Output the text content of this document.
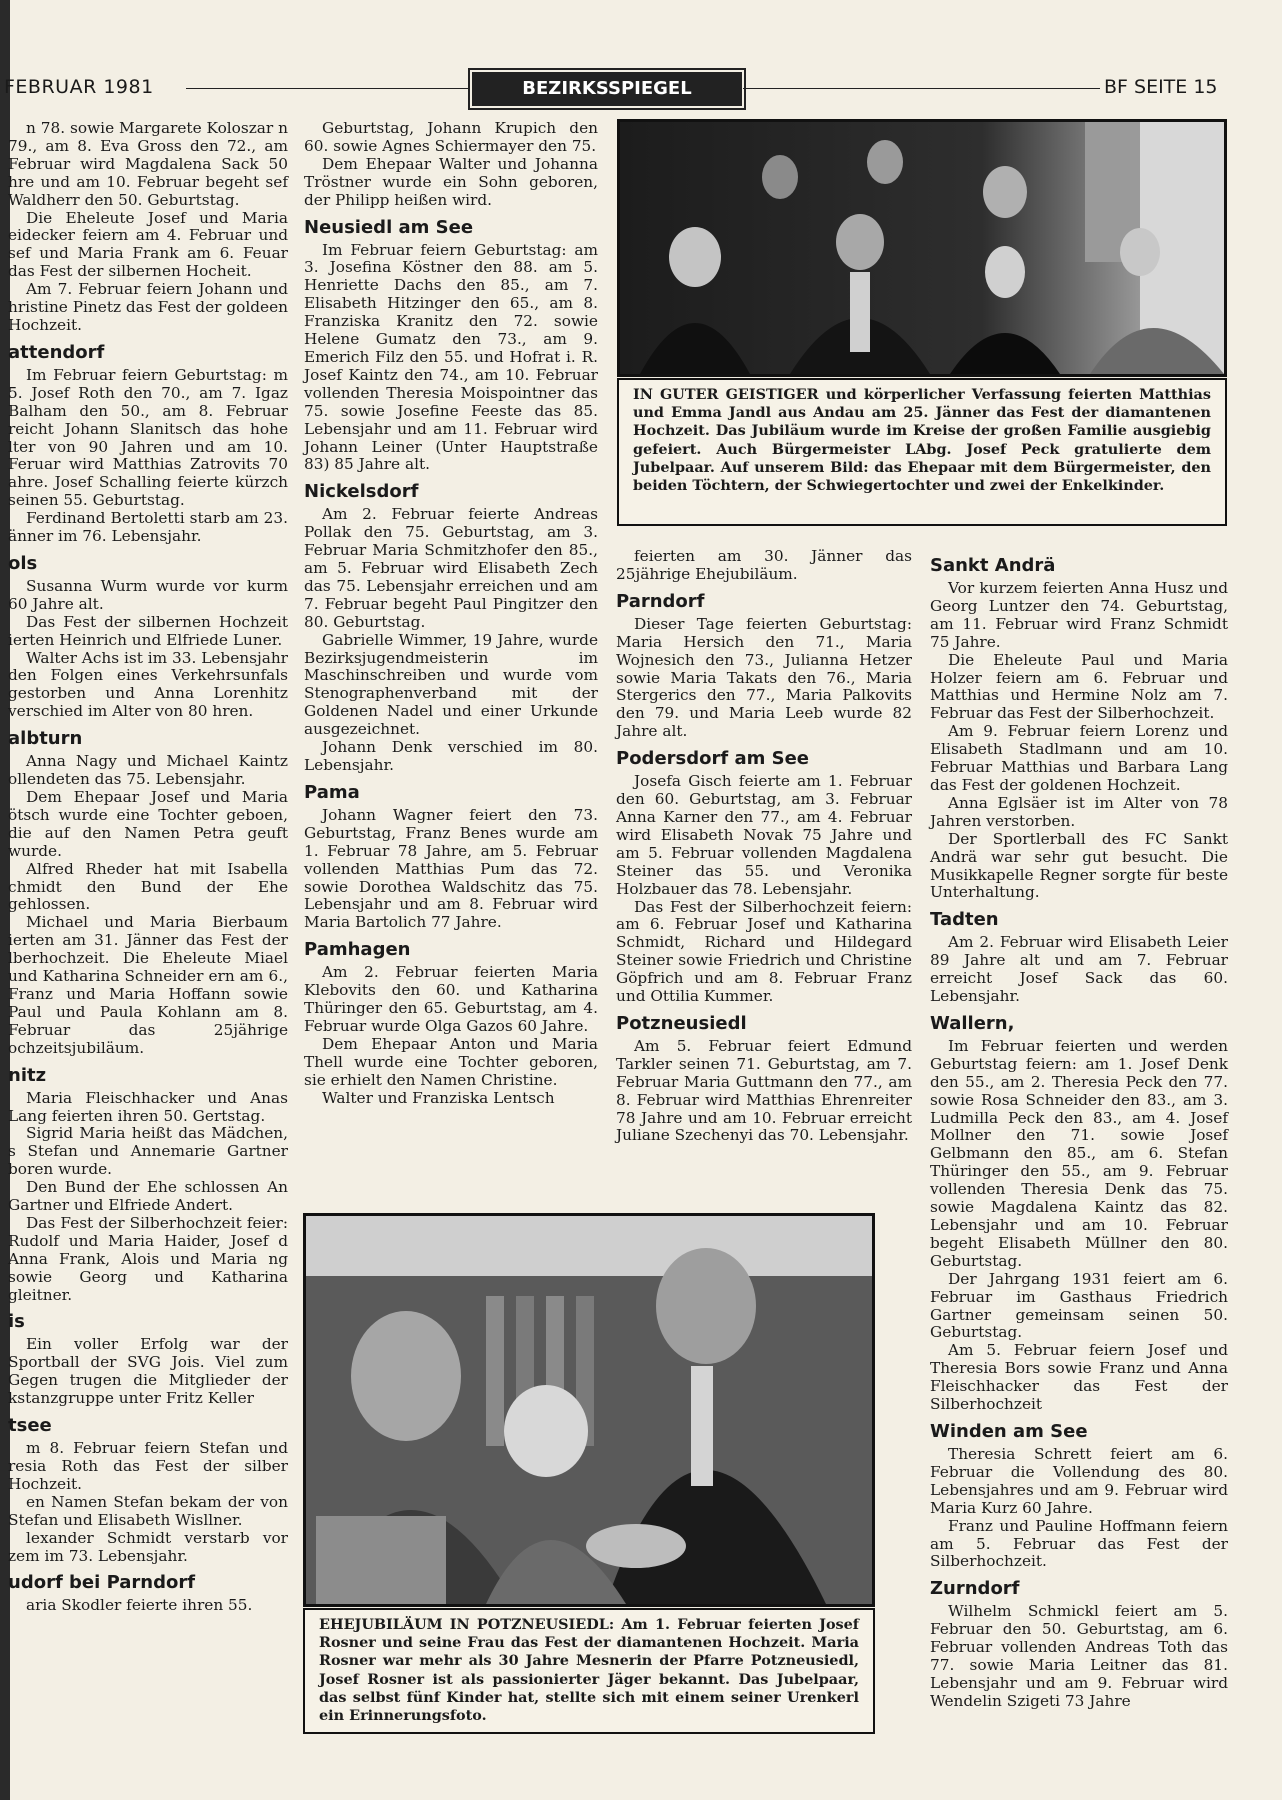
FEBRUAR 1981	BEZIRKSSPIEGEL	BF SEITE 15

n 78. sowie Margarete Koloszar n 79., am 8. Eva Gross den 72., am Februar wird Magdalena Sack 50 hre und am 10. Februar begeht sef Waldherr den 50. Geburtstag.

Die Eheleute Josef und Maria eidecker feiern am 4. Februar und sef und Maria Frank am 6. Feuar das Fest der silbernen Hocheit.

Am 7. Februar feiern Johann und hristine Pinetz das Fest der goldeen Hochzeit.

attendorf

Im Februar feiern Geburtstag: m 5. Josef Roth den 70., am 7. Igaz Balham den 50., am 8. Februar reicht Johann Slanitsch das hohe lter von 90 Jahren und am 10. Feruar wird Matthias Zatrovits 70 ahre. Josef Schalling feierte kürzch seinen 55. Geburtstag.

Ferdinand Bertoletti starb am 23. änner im 76. Lebensjahr.

ols

Susanna Wurm wurde vor kurm 60 Jahre alt.

Das Fest der silbernen Hochzeit ierten Heinrich und Elfriede Luner.

Walter Achs ist im 33. Lebensjahr den Folgen eines Verkehrsunfals gestorben und Anna Lorenhitz verschied im Alter von 80 hren.

albturn

Anna Nagy und Michael Kaintz ollendeten das 75. Lebensjahr.

Dem Ehepaar Josef und Maria ötsch wurde eine Tochter geboen, die auf den Namen Petra geuft wurde.

Alfred Rheder hat mit Isabella chmidt den Bund der Ehe gehlossen.

Michael und Maria Bierbaum ierten am 31. Jänner das Fest der lberhochzeit. Die Eheleute Miael und Katharina Schneider ern am 6., Franz und Maria Hoffann sowie Paul und Paula Kohlann am 8. Februar das 25jährige ochzeitsjubiläum.

nitz

Maria Fleischhacker und Anas Lang feierten ihren 50. Gertstag.

Sigrid Maria heißt das Mädchen, s Stefan und Annemarie Gartner boren wurde.

Den Bund der Ehe schlossen An Gartner und Elfriede Andert.

Das Fest der Silberhochzeit feier: Rudolf und Maria Haider, Josef d Anna Frank, Alois und Maria ng sowie Georg und Katharina gleitner.

is

Ein voller Erfolg war der Sportball der SVG Jois. Viel zum Gegen trugen die Mitglieder der kstanzgruppe unter Fritz Keller

tsee

m 8. Februar feiern Stefan und resia Roth das Fest der silber Hochzeit.

en Namen Stefan bekam der von Stefan und Elisabeth Wisllner.

lexander Schmidt verstarb vor zem im 73. Lebensjahr.

udorf bei Parndorf

aria Skodler feierte ihren 55.

Geburtstag, Johann Krupich den 60. sowie Agnes Schiermayer den 75.

Dem Ehepaar Walter und Johanna Tröstner wurde ein Sohn geboren, der Philipp heißen wird.

Neusiedl am See

Im Februar feiern Geburtstag: am 3. Josefina Köstner den 88. am 5. Henriette Dachs den 85., am 7. Elisabeth Hitzinger den 65., am 8. Franziska Kranitz den 72. sowie Helene Gumatz den 73., am 9. Emerich Filz den 55. und Hofrat i. R. Josef Kaintz den 74., am 10. Februar vollenden Theresia Moispointner das 75. sowie Josefine Feeste das 85. Lebensjahr und am 11. Februar wird Johann Leiner (Unter Hauptstraße 83) 85 Jahre alt.

Nickelsdorf

Am 2. Februar feierte Andreas Pollak den 75. Geburtstag, am 3. Februar Maria Schmitzhofer den 85., am 5. Februar wird Elisabeth Zech das 75. Lebensjahr erreichen und am 7. Februar begeht Paul Pingitzer den 80. Geburtstag.

Gabrielle Wimmer, 19 Jahre, wurde Bezirksjugendmeisterin im Maschinschreiben und wurde vom Stenographenverband mit der Goldenen Nadel und einer Urkunde ausgezeichnet.

Johann Denk verschied im 80. Lebensjahr.

Pama

Johann Wagner feiert den 73. Geburtstag, Franz Benes wurde am 1. Februar 78 Jahre, am 5. Februar vollenden Matthias Pum das 72. sowie Dorothea Waldschitz das 75. Lebensjahr und am 8. Februar wird Maria Bartolich 77 Jahre.

Pamhagen

Am 2. Februar feierten Maria Klebovits den 60. und Katharina Thüringer den 65. Geburtstag, am 4. Februar wurde Olga Gazos 60 Jahre.

Dem Ehepaar Anton und Maria Thell wurde eine Tochter geboren, sie erhielt den Namen Christine.

Walter und Franziska Lentsch

feierten am 30. Jänner das 25jährige Ehejubiläum.

Parndorf

Dieser Tage feierten Geburtstag: Maria Hersich den 71., Maria Wojnesich den 73., Julianna Hetzer sowie Maria Takats den 76., Maria Stergerics den 77., Maria Palkovits den 79. und Maria Leeb wurde 82 Jahre alt.

Podersdorf am See

Josefa Gisch feierte am 1. Februar den 60. Geburtstag, am 3. Februar Anna Karner den 77., am 4. Februar wird Elisabeth Novak 75 Jahre und am 5. Februar vollenden Magdalena Steiner das 55. und Veronika Holzbauer das 78. Lebensjahr.

Das Fest der Silberhochzeit feiern: am 6. Februar Josef und Katharina Schmidt, Richard und Hildegard Steiner sowie Friedrich und Christine Göpfrich und am 8. Februar Franz und Ottilia Kummer.

Potzneusiedl

Am 5. Februar feiert Edmund Tarkler seinen 71. Geburtstag, am 7. Februar Maria Guttmann den 77., am 8. Februar wird Matthias Ehrenreiter 78 Jahre und am 10. Februar erreicht Juliane Szechenyi das 70. Lebensjahr.

Sankt Andrä

Vor kurzem feierten Anna Husz und Georg Luntzer den 74. Geburtstag, am 11. Februar wird Franz Schmidt 75 Jahre.

Die Eheleute Paul und Maria Holzer feiern am 6. Februar und Matthias und Hermine Nolz am 7. Februar das Fest der Silberhochzeit.

Am 9. Februar feiern Lorenz und Elisabeth Stadlmann und am 10. Februar Matthias und Barbara Lang das Fest der goldenen Hochzeit.

Anna Eglsäer ist im Alter von 78 Jahren verstorben.

Der Sportlerball des FC Sankt Andrä war sehr gut besucht. Die Musikkapelle Regner sorgte für beste Unterhaltung.

Tadten

Am 2. Februar wird Elisabeth Leier 89 Jahre alt und am 7. Februar erreicht Josef Sack das 60. Lebensjahr.

Wallern,

Im Februar feierten und werden Geburtstag feiern: am 1. Josef Denk den 55., am 2. Theresia Peck den 77. sowie Rosa Schneider den 83., am 3. Ludmilla Peck den 83., am 4. Josef Mollner den 71. sowie Josef Gelbmann den 85., am 6. Stefan Thüringer den 55., am 9. Februar vollenden Theresia Denk das 75. sowie Magdalena Kaintz das 82. Lebensjahr und am 10. Februar begeht Elisabeth Müllner den 80. Geburtstag.

Der Jahrgang 1931 feiert am 6. Februar im Gasthaus Friedrich Gartner gemeinsam seinen 50. Geburtstag.

Am 5. Februar feiern Josef und Theresia Bors sowie Franz und Anna Fleischhacker das Fest der Silberhochzeit

Winden am See

Theresia Schrett feiert am 6. Februar die Vollendung des 80. Lebensjahres und am 9. Februar wird Maria Kurz 60 Jahre.

Franz und Pauline Hoffmann feiern am 5. Februar das Fest der Silberhochzeit.

Zurndorf

Wilhelm Schmickl feiert am 5. Februar den 50. Geburtstag, am 6. Februar vollenden Andreas Toth das 77. sowie Maria Leitner das 81. Lebensjahr und am 9. Februar wird Wendelin Szigeti 73 Jahre

IN GUTER GEISTIGER und körperlicher Verfassung feierten Matthias und Emma Jandl aus Andau am 25. Jänner das Fest der diamantenen Hochzeit. Das Jubiläum wurde im Kreise der großen Familie ausgiebig gefeiert. Auch Bürgermeister LAbg. Josef Peck gratulierte dem Jubelpaar. Auf unserem Bild: das Ehepaar mit dem Bürgermeister, den beiden Töchtern, der Schwiegertochter und zwei der Enkelkinder.
EHEJUBILÄUM IN POTZNEUSIEDL: Am 1. Februar feierten Josef Rosner und seine Frau das Fest der diamantenen Hochzeit. Maria Rosner war mehr als 30 Jahre Mesnerin der Pfarre Potzneusiedl, Josef Rosner ist als passionierter Jäger bekannt. Das Jubelpaar, das selbst fünf Kinder hat, stellte sich mit einem seiner Urenkerl ein Erinnerungsfoto.
